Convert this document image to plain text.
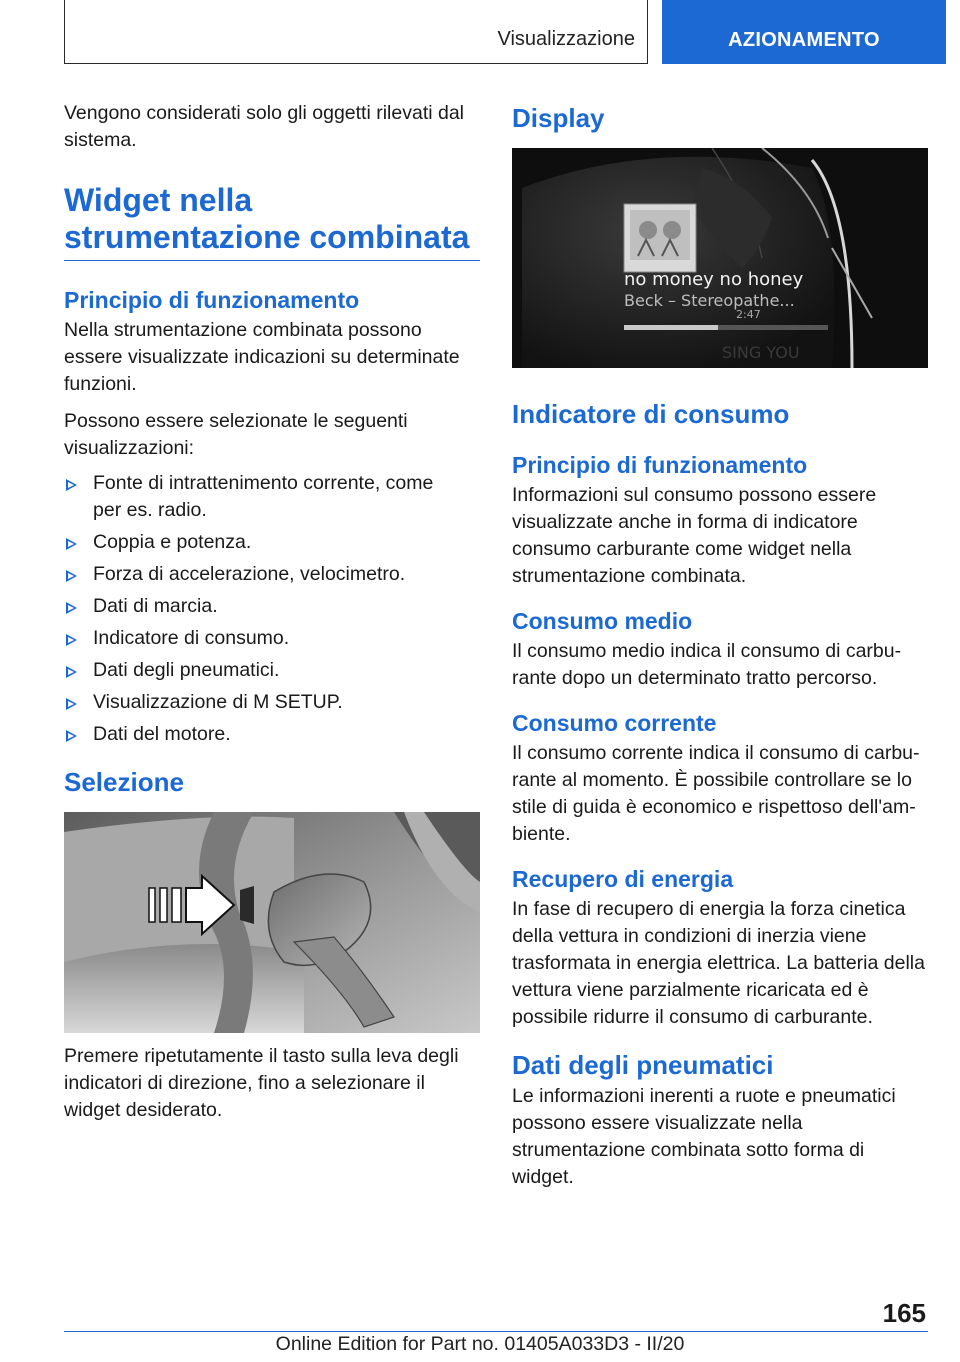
Visualizzazione	AZIONAMENTO

Vengono considerati solo gli oggetti rilevati dal sistema.

Widget nella strumentazione combinata
Principio di funzionamento

Nella strumentazione combinata possono essere visualizzate indicazioni su determinate funzioni.

Possono essere selezionate le seguenti visualizzazioni:

Fonte di intrattenimento corrente, come per es. radio.
Coppia e potenza.
Forza di accelerazione, velocimetro.
Dati di marcia.
Indicatore di consumo.
Dati degli pneumatici.
Visualizzazione di M SETUP.
Dati del motore.
Selezione

Premere ripetutamente il tasto sulla leva degli indicatori di direzione, fino a selezionare il widget desiderato.

Display
SING YOU
no money no honey
Beck – Stereopathe...
2:47
Indicatore di consumo
Principio di funzionamento

Informazioni sul consumo possono essere visualizzate anche in forma di indicatore consumo carburante come widget nella strumentazione combinata.

Consumo medio

Il consumo medio indica il consumo di carburante dopo un determinato tratto percorso.

Consumo corrente

Il consumo corrente indica il consumo di carburante al momento. È possibile controllare se lo stile di guida è economico e rispettoso dell'ambiente.

Recupero di energia

In fase di recupero di energia la forza cinetica della vettura in condizioni di inerzia viene trasformata in energia elettrica. La batteria della vettura viene parzialmente ricaricata ed è possibile ridurre il consumo di carburante.

Dati degli pneumatici

Le informazioni inerenti a ruote e pneumatici possono essere visualizzate nella strumentazione combinata sotto forma di widget.

165
Online Edition for Part no. 01405A033D3 - II/20
